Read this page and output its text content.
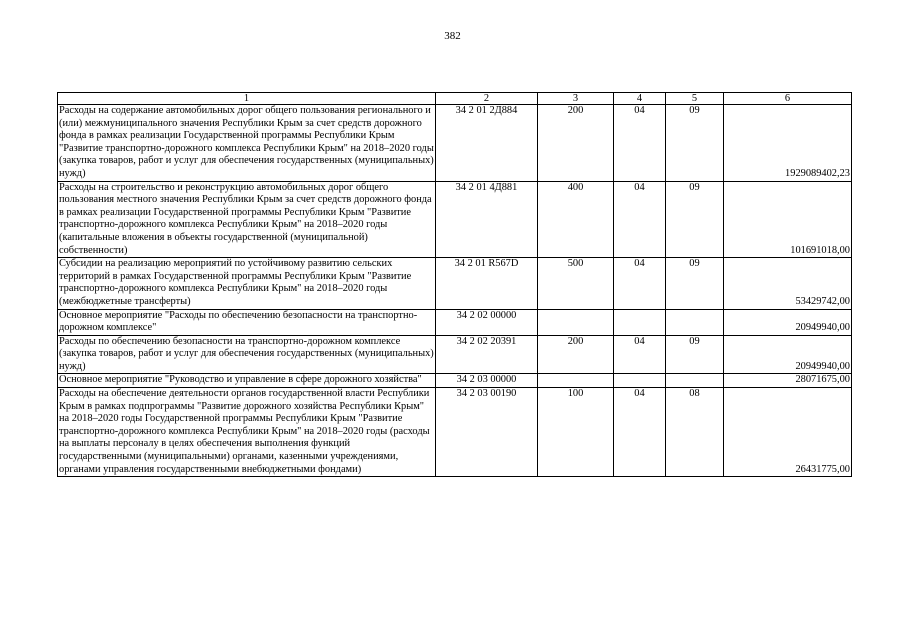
382
1	2	3	4	5	6
Расходы на содержание автомобильных дорог общего пользования регионального и (или) межмуниципального значения Республики Крым за счет средств дорожного фонда в рамках реализации Государственной программы Республики Крым "Развитие транспортно-дорожного комплекса Республики Крым" на 2018–2020 годы (закупка товаров, работ и услуг для обеспечения государственных (муниципальных) нужд)	34 2 01 2Д884	200	04	09	1929089402,23
Расходы на строительство и реконструкцию автомобильных дорог общего пользования местного значения Республики Крым за счет средств дорожного фонда в рамках реализации Государственной программы Республики Крым "Развитие транспортно-дорожного комплекса Республики Крым" на 2018–2020 годы (капитальные вложения в объекты государственной (муниципальной) собственности)	34 2 01 4Д881	400	04	09	101691018,00
Субсидии на реализацию мероприятий по устойчивому развитию сельских территорий в рамках Государственной программы Республики Крым "Развитие транспортно-дорожного комплекса Республики Крым" на 2018–2020 годы (межбюджетные трансферты)	34 2 01 R567D	500	04	09	53429742,00
Основное мероприятие "Расходы по обеспечению безопасности на транспортно-дорожном комплексе"	34 2 02 00000				20949940,00
Расходы по обеспечению безопасности на транспортно-дорожном комплексе (закупка товаров, работ и услуг для обеспечения государственных (муниципальных) нужд)	34 2 02 20391	200	04	09	20949940,00
Основное мероприятие "Руководство и управление в сфере дорожного хозяйства"	34 2 03 00000				28071675,00
Расходы на обеспечение деятельности органов государственной власти Республики Крым в рамках подпрограммы "Развитие дорожного хозяйства Республики Крым" на 2018–2020 годы Государственной программы Республики Крым "Развитие транспортно-дорожного комплекса Республики Крым" на 2018–2020 годы (расходы на выплаты персоналу в целях обеспечения выполнения функций государственными (муниципальными) органами, казенными учреждениями, органами управления государственными внебюджетными фондами)	34 2 03 00190	100	04	08	26431775,00
